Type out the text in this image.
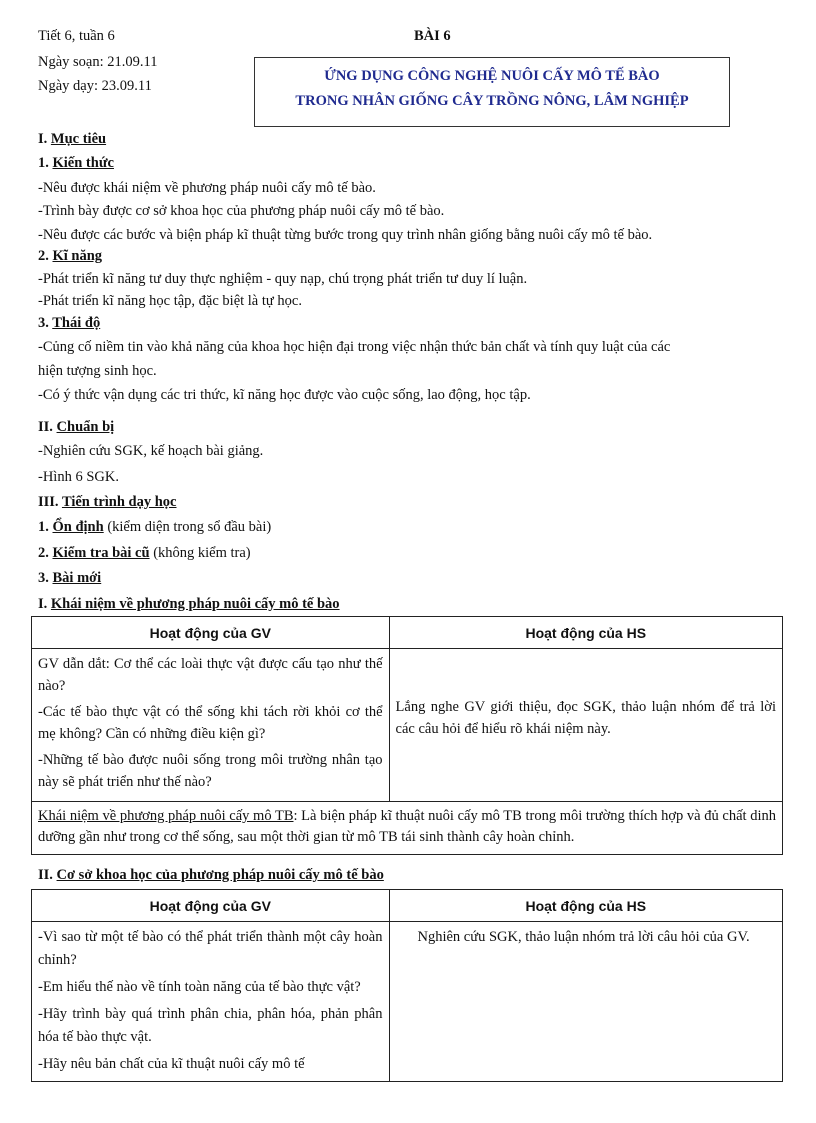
Tiết 6, tuần 6
Ngày soạn: 21.09.11
Ngày dạy: 23.09.11
BÀI 6
ỨNG DỤNG CÔNG NGHỆ NUÔI CẤY MÔ TẾ BÀO
TRONG NHÂN GIỐNG CÂY TRỒNG NÔNG, LÂM NGHIỆP
I. Mục tiêu
1. Kiến thức
-Nêu được khái niệm về phương pháp nuôi cấy mô tế bào.
-Trình bày được cơ sở khoa học của phương pháp nuôi cấy mô tế bào.
-Nêu được các bước và biện pháp kĩ thuật từng bước trong quy trình nhân giống bằng nuôi cấy mô tế bào.
2. Kĩ năng
-Phát triển kĩ năng tư duy thực nghiệm - quy nạp, chú trọng phát triển tư duy lí luận.
-Phát triển kĩ năng học tập, đặc biệt là tự học.
3. Thái độ
-Củng cố niềm tin vào khả năng của khoa học hiện đại trong việc nhận thức bản chất và tính quy luật của các
hiện tượng sinh học.
-Có ý thức vận dụng các tri thức, kĩ năng học được vào cuộc sống, lao động, học tập.
II. Chuẩn bị
-Nghiên cứu SGK, kế hoạch bài giảng.
-Hình 6 SGK.
III. Tiến trình dạy học
1. Ổn định (kiểm diện trong sổ đầu bài)
2. Kiểm tra bài cũ (không kiểm tra)
3. Bài mới
I. Khái niệm về phương pháp nuôi cấy mô tế bào
Hoạt động của GV	Hoạt động của HS

GV dẫn dắt: Cơ thể các loài thực vật được cấu tạo như thế nào?

-Các tế bào thực vật có thể sống khi tách rời khỏi cơ thể mẹ không? Cần có những điều kiện gì?

-Những tế bào được nuôi sống trong môi trường nhân tạo này sẽ phát triển như thế nào?	Lắng nghe GV giới thiệu, đọc SGK, thảo luận nhóm để trả lời các câu hỏi để hiểu rõ khái niệm này.

Khái niệm về phương pháp nuôi cấy mô TB: Là biện pháp kĩ thuật nuôi cấy mô TB trong môi trường thích hợp và đủ chất dinh dưỡng gần như trong cơ thể sống, sau một thời gian từ mô TB tái sinh thành cây hoàn chỉnh.	
II. Cơ sở khoa học của phương pháp nuôi cấy mô tế bào
Hoạt động của GV	Hoạt động của HS

-Vì sao từ một tế bào có thể phát triển thành một cây hoàn chỉnh?

-Em hiểu thế nào về tính toàn năng của tế bào thực vật?

-Hãy trình bày quá trình phân chia, phân hóa, phản phân hóa tế bào thực vật.

-Hãy nêu bản chất của kĩ thuật nuôi cấy mô tế	Nghiên cứu SGK, thảo luận nhóm trả lời câu hỏi của GV.
